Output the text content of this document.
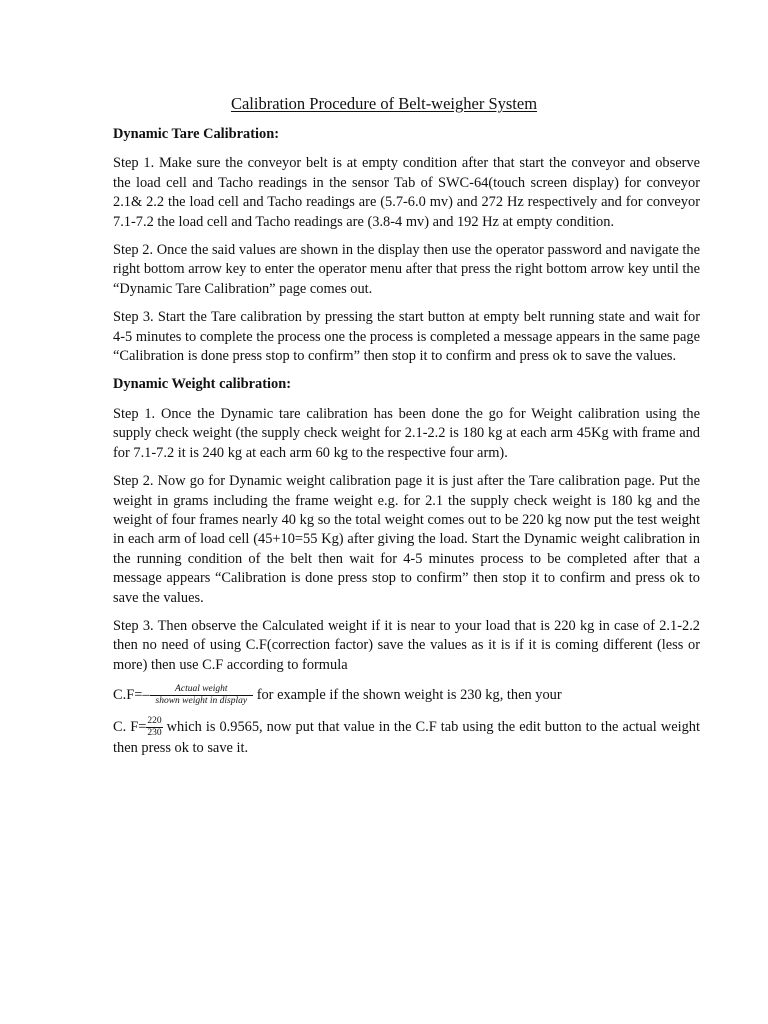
Calibration Procedure of Belt-weigher System

Dynamic Tare Calibration:

Step 1. Make sure the conveyor belt is at empty condition after that start the conveyor and observe the load cell and Tacho readings in the sensor Tab of SWC-64(touch screen display) for conveyor 2.1& 2.2 the load cell and Tacho readings are (5.7-6.0 mv) and 272 Hz respectively and for conveyor 7.1-7.2 the load cell and Tacho readings are (3.8-4 mv) and 192 Hz at empty condition.

Step 2. Once the said values are shown in the display then use the operator password and navigate the right bottom arrow key to enter the operator menu after that press the right bottom arrow key until the “Dynamic Tare Calibration” page comes out.

Step 3. Start the Tare calibration by pressing the start button at empty belt running state and wait for 4-5 minutes to complete the process one the process is completed a message appears in the same page “Calibration is done press stop to confirm” then stop it to confirm and press ok to save the values.

Dynamic Weight calibration:

Step 1. Once the Dynamic tare calibration has been done the go for Weight calibration using the supply check weight (the supply check weight for 2.1-2.2 is 180 kg at each arm 45Kg with frame and for 7.1-7.2 it is 240 kg at each arm 60 kg to the respective four arm).

Step 2. Now go for Dynamic weight calibration page it is just after the Tare calibration page. Put the weight in grams including the frame weight e.g. for 2.1 the supply check weight is 180 kg and the weight of four frames nearly 40 kg so the total weight comes out to be 220 kg now put the test weight in each arm of load cell (45+10=55 Kg) after giving the load. Start the Dynamic weight calibration in the running condition of the belt then wait for 4-5 minutes process to be completed after that a message appears “Calibration is done press stop to confirm” then stop it to confirm and press ok to save the values.

Step 3. Then observe the Calculated weight if it is near to your load that is 220 kg in case of 2.1-2.2 then no need of using C.F(correction factor) save the values as it is if it is coming different (less or more) then use C.F according to formula

$C.F=- \frac{\text{Actual weight}}{\text{shown weight in display}}$ for example if the shown weight is 230 kg, then your

C. $F= \frac{220}{230}$ which is 0.9565, now put that value in the C.F tab using the edit button to the actual weight then press ok to save it.
